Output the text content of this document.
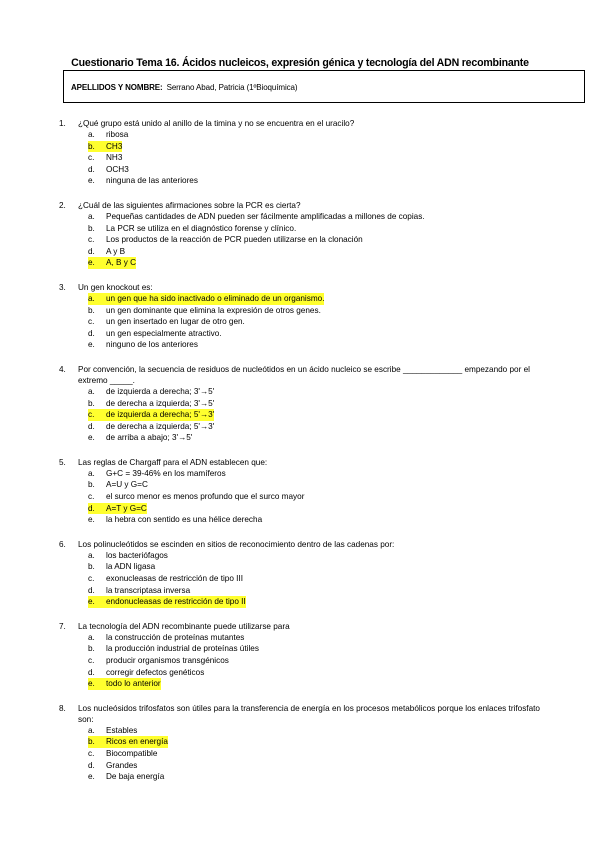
Cuestionario Tema 16. Ácidos nucleicos, expresión génica y tecnología del ADN recombinante
APELLIDOS Y NOMBRE: Serrano Abad, Patricia (1ºBioquímica)
1. ¿Qué grupo está unido al anillo de la timina y no se encuentra en el uracilo?
a. ribosa
b.	CH3
c. NH3
d. OCH3
e. ninguna de las anteriores
2. ¿Cuál de las siguientes afirmaciones sobre la PCR es cierta?
a. Pequeñas cantidades de ADN pueden ser fácilmente amplificadas a millones de copias.
b. La PCR se utiliza en el diagnóstico forense y clínico.
c. Los productos de la reacción de PCR pueden utilizarse en la clonación
d. A y B
e.	A, B y C
3. Un gen knockout es:
a.	un gen que ha sido inactivado o eliminado de un organismo.
b. un gen dominante que elimina la expresión de otros genes.
c. un gen insertado en lugar de otro gen.
d. un gen especialmente atractivo.
e. ninguno de los anteriores
4. Por convención, la secuencia de residuos de nucleótidos en un ácido nucleico se escribe _____________ empezando por el extremo _____.
a. de izquierda a derecha; 3'→5'
b. de derecha a izquierda; 3'→5'
c.	de izquierda a derecha; 5'→3'
d. de derecha a izquierda; 5'→3'
e. de arriba a abajo; 3'→5'
5. Las reglas de Chargaff para el ADN establecen que:
a. G+C = 39-46% en los mamíferos
b. A=U y G=C
c. el surco menor es menos profundo que el surco mayor
d.	A=T y G=C
e. la hebra con sentido es una hélice derecha
6. Los polinucleótidos se escinden en sitios de reconocimiento dentro de las cadenas por:
a. los bacteriófagos
b. la ADN ligasa
c. exonucleasas de restricción de tipo III
d. la transcriptasa inversa
e.	endonucleasas de restricción de tipo II
7. La tecnología del ADN recombinante puede utilizarse para
a. la construcción de proteínas mutantes
b. la producción industrial de proteínas útiles
c. producir organismos transgénicos
d. corregir defectos genéticos
e.	todo lo anterior
8. Los nucleósidos trifosfatos son útiles para la transferencia de energía en los procesos metabólicos porque los enlaces trifosfato son:
a. Estables
b.	Ricos en energía
c. Biocompatible
d. Grandes
e. De baja energía
